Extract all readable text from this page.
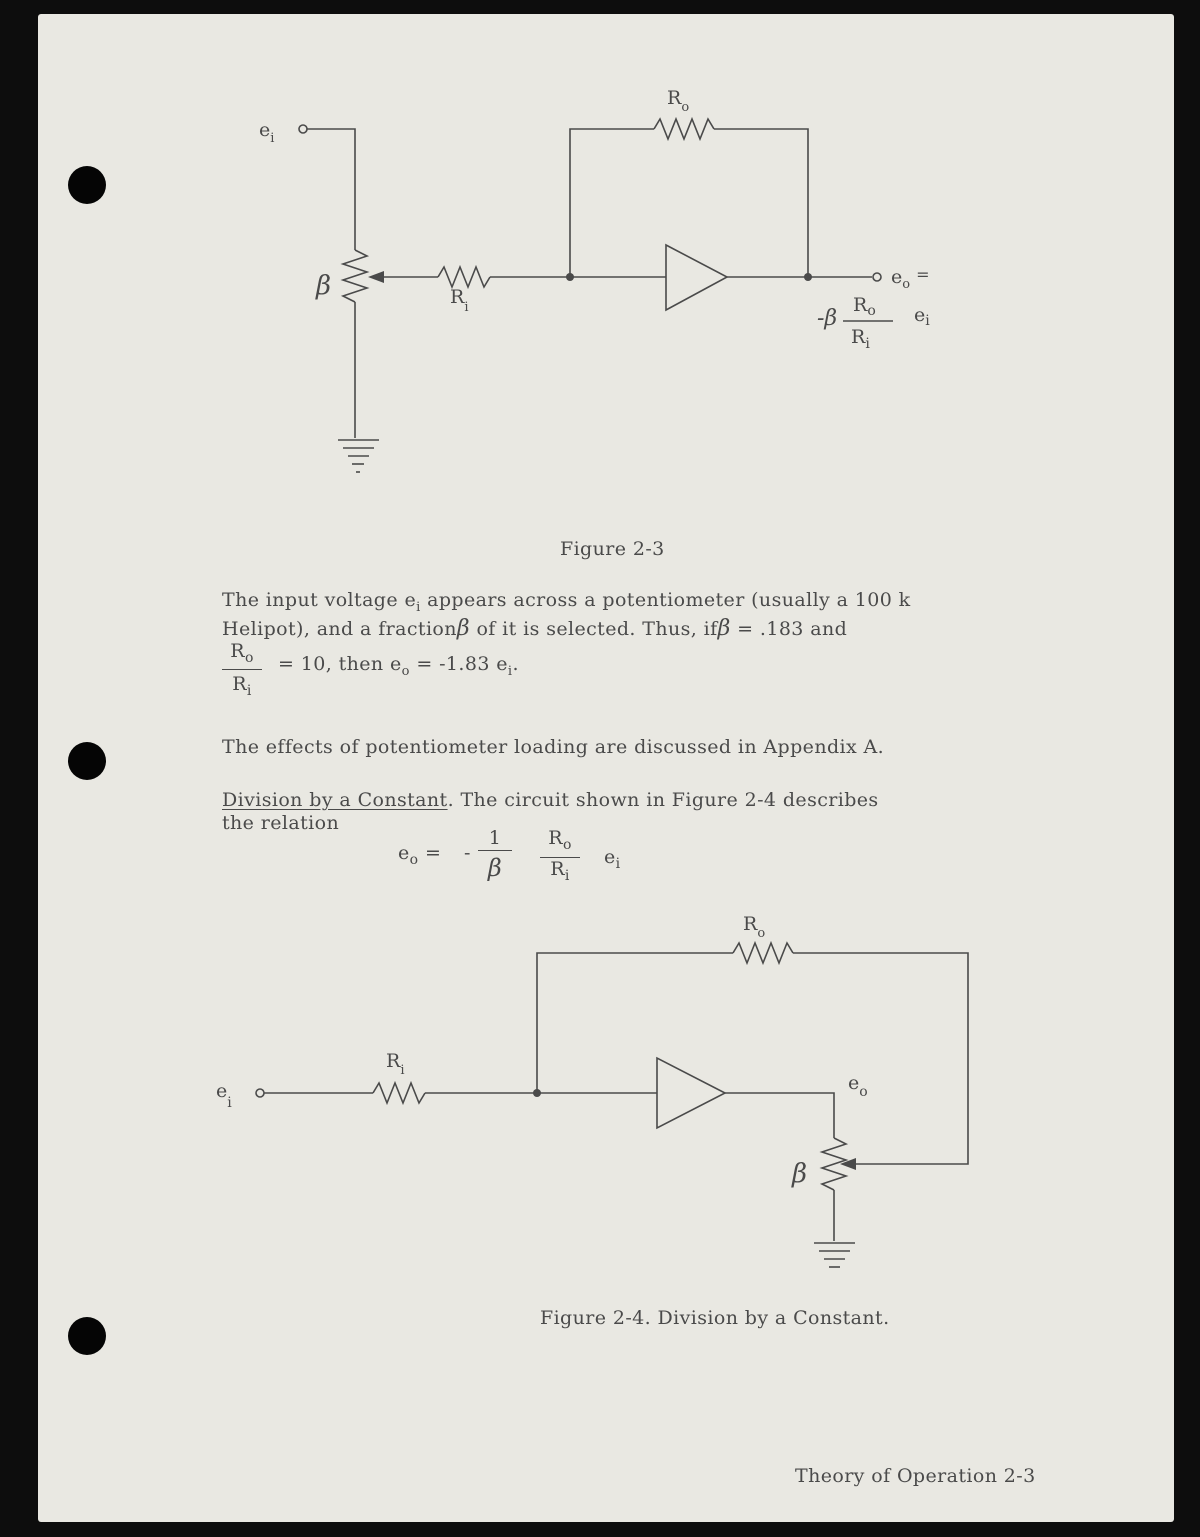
$e_i$
β	$R_i$
$R_o$
$e_o^=$
-β
$R_o$
$R_i$
$e_i$
$e_i$
$R_i$
$R_o$
$e_o$
β
Figure 2-3
The input voltage $e_i$ appears across a potentiometer (usually a 100 k
Helipot), and a fractionβ of it is selected. Thus, ifβ = .183 and
$R_o$
$R_i$
= 10, then $e_o = -1.83$ $e_i$.
The effects of potentiometer loading are discussed in Appendix A.
Division by a Constant. The circuit shown in Figure 2-4 describes
the relation
$e_o$ = -
1
β
$R_o$
$R_i$
$e_i$
Figure 2-4. Division by a Constant.
Theory of Operation 2-3
